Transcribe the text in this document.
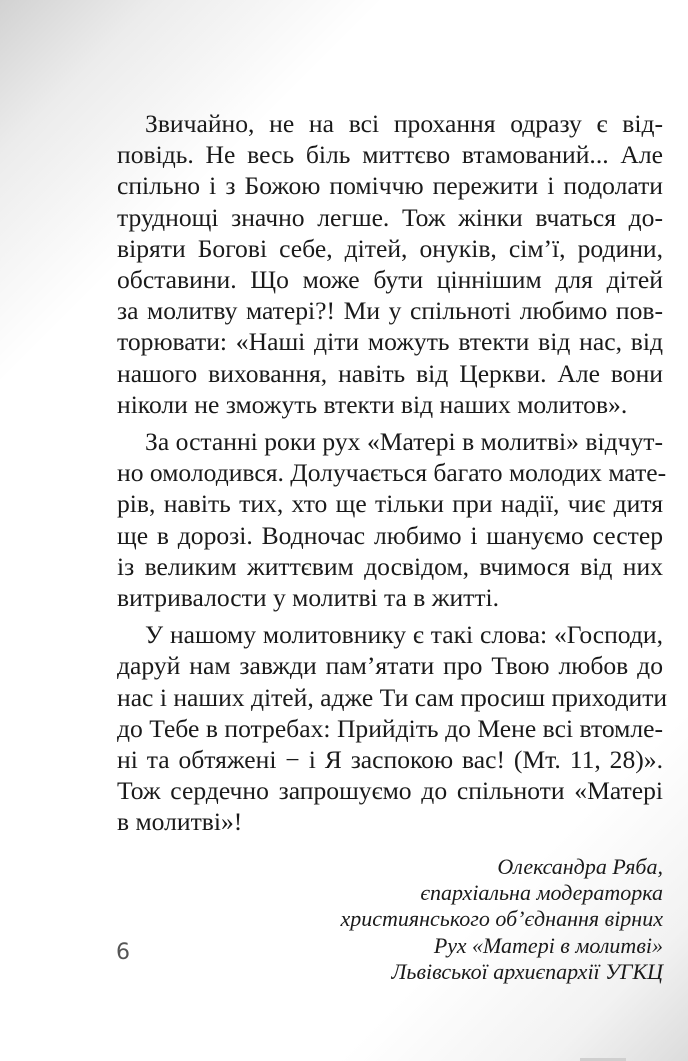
Звичайно, не на всі прохання одразу є від-
повідь. Не весь біль миттєво втамований... Але
спільно і з Божою поміччю пережити і подолати
труднощі значно легше. Тож жінки вчаться до-
віряти Богові себе, дітей, онуків, сім’ї, родини,
обставини. Що може бути ціннішим для дітей
за молитву матері?! Ми у спільноті любимо пов-
торювати: «Наші діти можуть втекти від нас, від
нашого виховання, навіть від Церкви. Але вони
ніколи не зможуть втекти від наших молитов».
За останні роки рух «Матері в молитві» відчут-
но омолодився. Долучається багато молодих мате-
рів, навіть тих, хто ще тільки при надії, чиє дитя
ще в дорозі. Водночас любимо і шануємо сестер
із великим життєвим досвідом, вчимося від них
витривалости у молитві та в житті.
У нашому молитовнику є такі слова: «Господи,
даруй нам завжди пам’ятати про Твою любов до
нас і наших дітей, адже Ти сам просиш приходити
до Тебе в потребах: Прийдіть до Мене всі втомле-
ні та обтяжені − і Я заспокою вас! (Мт. 11, 28)».
Тож сердечно запрошуємо до спільноти «Матері
в молитві»!
Олександра Ряба,
єпархіальна модераторка
християнського об’єднання вірних
Рух «Матері в молитві»
Львівської архиєпархії УГКЦ
6
